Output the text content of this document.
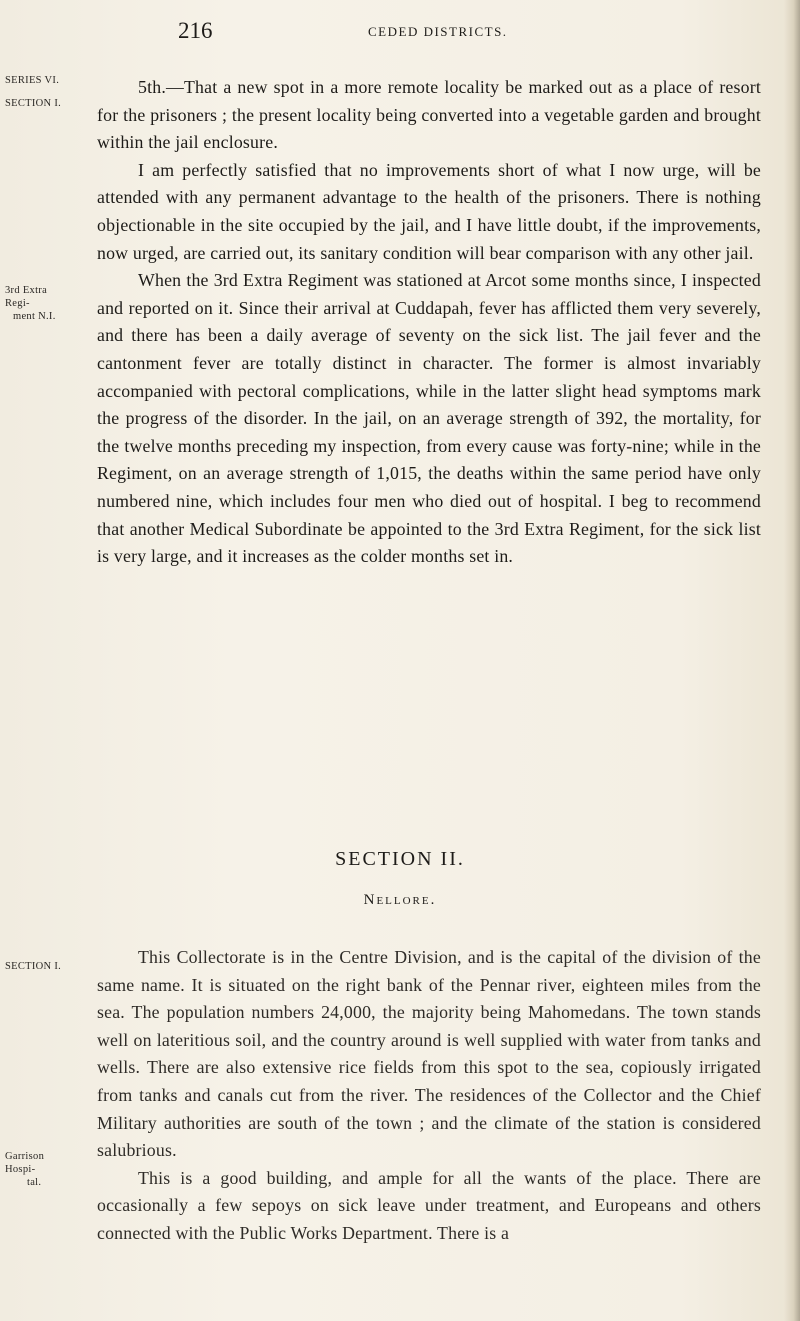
216	CEDED DISTRICTS.
SERIES VI.
SECTION I.
3rd Extra Regi-
ment N.I.
SECTION I.
Garrison Hospi-
tal.

5th.—That a new spot in a more remote locality be marked out as a place of resort for the prisoners ; the present locality being converted into a vegetable garden and brought within the jail enclosure.

I am perfectly satisfied that no improvements short of what I now urge, will be attended with any permanent advantage to the health of the prisoners. There is nothing objectionable in the site occupied by the jail, and I have little doubt, if the improvements, now urged, are carried out, its sanitary condition will bear comparison with any other jail.

When the 3rd Extra Regiment was stationed at Arcot some months since, I inspected and reported on it. Since their arrival at Cuddapah, fever has afflicted them very severely, and there has been a daily average of seventy on the sick list. The jail fever and the cantonment fever are totally distinct in character. The former is almost invariably accompanied with pectoral complications, while in the latter slight head symptoms mark the progress of the disorder. In the jail, on an average strength of 392, the mortality, for the twelve months preceding my inspection, from every cause was forty-nine; while in the Regiment, on an average strength of 1,015, the deaths within the same period have only numbered nine, which includes four men who died out of hospital. I beg to recommend that another Medical Subordinate be appointed to the 3rd Extra Regiment, for the sick list is very large, and it increases as the colder months set in.

SECTION II.
Nellore.

This Collectorate is in the Centre Division, and is the capital of the division of the same name. It is situated on the right bank of the Pennar river, eighteen miles from the sea. The population numbers 24,000, the majority being Mahomedans. The town stands well on lateritious soil, and the country around is well supplied with water from tanks and wells. There are also extensive rice fields from this spot to the sea, copiously irrigated from tanks and canals cut from the river. The residences of the Collector and the Chief Military authorities are south of the town ; and the climate of the station is considered salubrious.

This is a good building, and ample for all the wants of the place. There are occasionally a few sepoys on sick leave under treatment, and Europeans and others connected with the Public Works Department. There is a
